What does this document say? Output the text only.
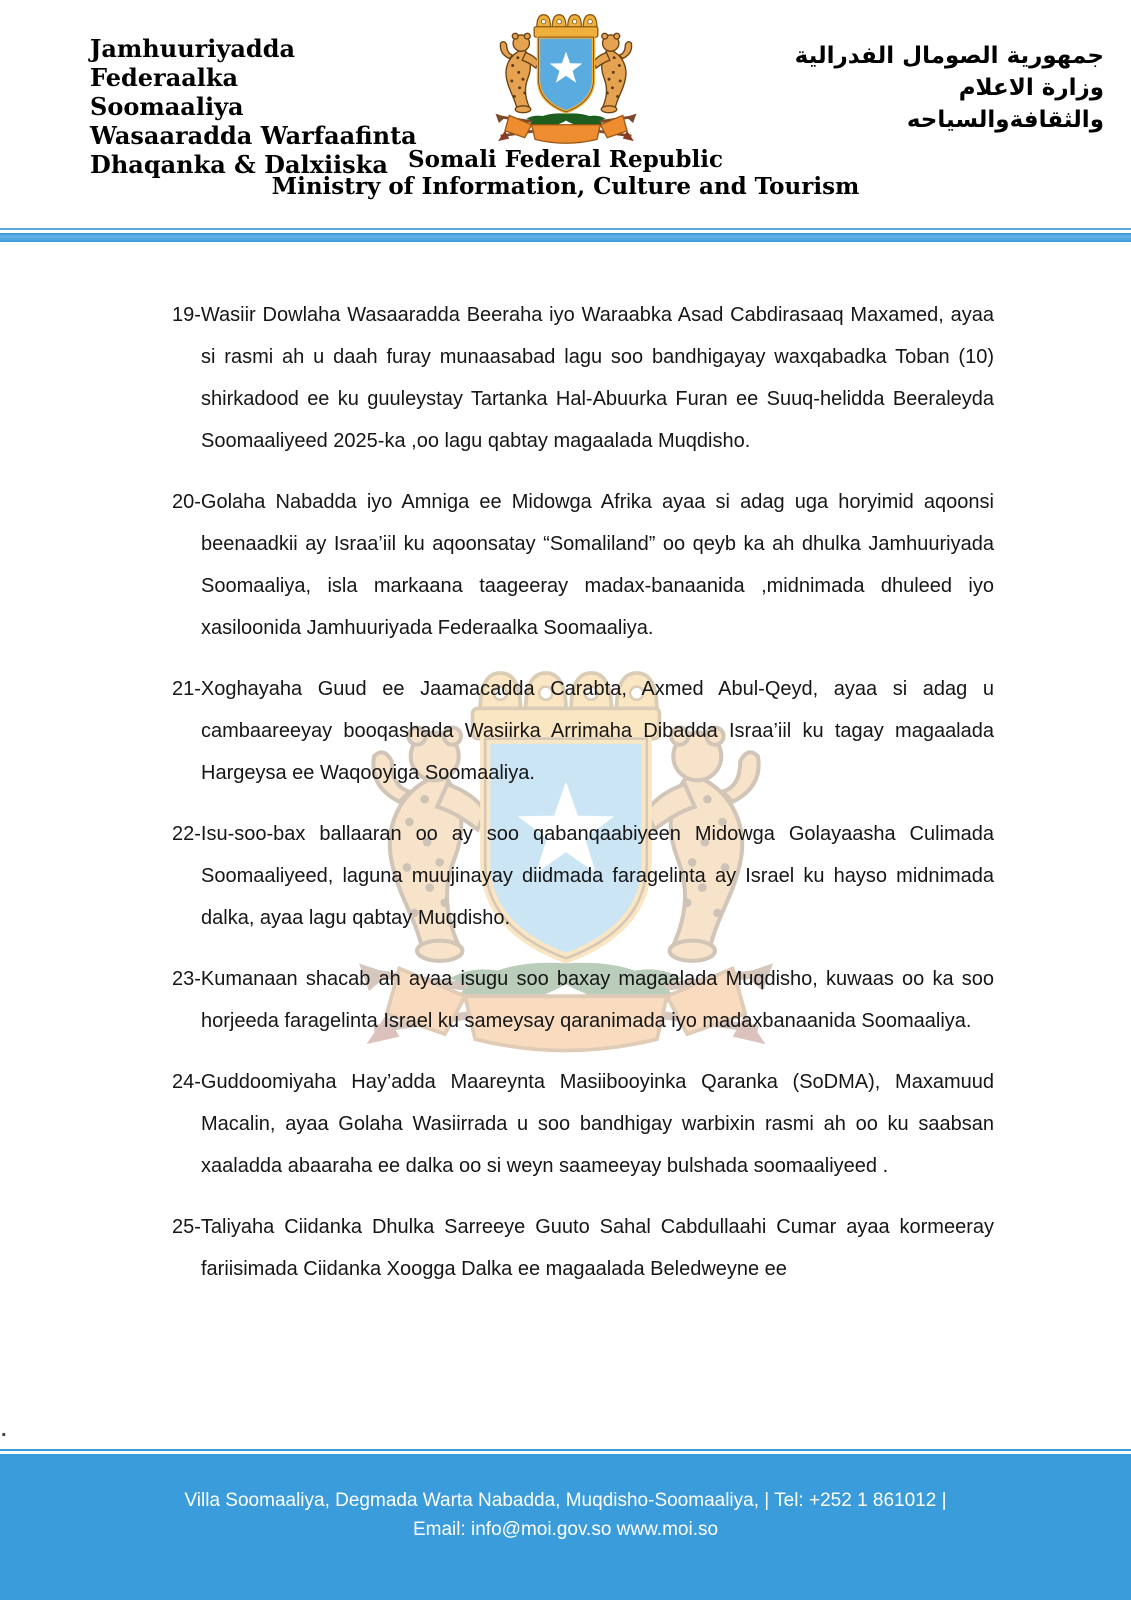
Jamhuuriyadda Federaalka
Soomaaliya
Wasaaradda Warfaafinta
Dhaqanka & Dalxiiska
جمهورية الصومال الفدرالية
وزارة الاعلام
والثقافةوالسياحه
Somali Federal Republic
Ministry of Information, Culture and Tourism

19-Wasiir Dowlaha Wasaaradda Beeraha iyo Waraabka Asad Cabdirasaaq Maxamed, ayaa si rasmi ah u daah furay munaasabad lagu soo bandhigayay waxqabadka Toban (10) shirkadood ee ku guuleystay Tartanka Hal-Abuurka Furan ee Suuq-helidda Beeraleyda Soomaaliyeed 2025-ka ,oo lagu qabtay magaalada Muqdisho.

20-Golaha Nabadda iyo Amniga ee Midowga Afrika ayaa si adag uga horyimid aqoonsi beenaadkii ay Israa’iil ku aqoonsatay “Somaliland” oo qeyb ka ah dhulka Jamhuuriyada Soomaaliya, isla markaana taageeray madax-banaanida ,midnimada dhuleed iyo xasiloonida Jamhuuriyada Federaalka Soomaaliya.

21-Xoghayaha Guud ee Jaamacadda Carabta, Axmed Abul-Qeyd, ayaa si adag u cambaareeyay booqashada Wasiirka Arrimaha Dibadda Israa’iil ku tagay magaalada Hargeysa ee Waqooyiga Soomaaliya.

22-Isu-soo-bax ballaaran oo ay soo qabanqaabiyeen Midowga Golayaasha Culimada Soomaaliyeed, laguna muujinayay diidmada faragelinta ay Israel ku hayso midnimada dalka, ayaa lagu qabtay Muqdisho.

23-Kumanaan shacab ah ayaa isugu soo baxay magaalada Muqdisho, kuwaas oo ka soo horjeeda faragelinta Israel ku sameysay qaranimada iyo madaxbanaanida Soomaaliya.

24-Guddoomiyaha Hay’adda Maareynta Masiibooyinka Qaranka (SoDMA), Maxamuud Macalin, ayaa Golaha Wasiirrada u soo bandhigay warbixin rasmi ah oo ku saabsan xaaladda abaaraha ee dalka oo si weyn saameeyay bulshada soomaaliyeed .

25-Taliyaha Ciidanka Dhulka Sarreeye Guuto Sahal Cabdullaahi Cumar ayaa kormeeray fariisimada Ciidanka Xoogga Dalka ee magaalada Beledweyne ee

.
Villa Soomaaliya, Degmada Warta Nabadda, Muqdisho-Soomaaliya, | Tel: +252 1 861012 |
Email: info@moi.gov.so www.moi.so
